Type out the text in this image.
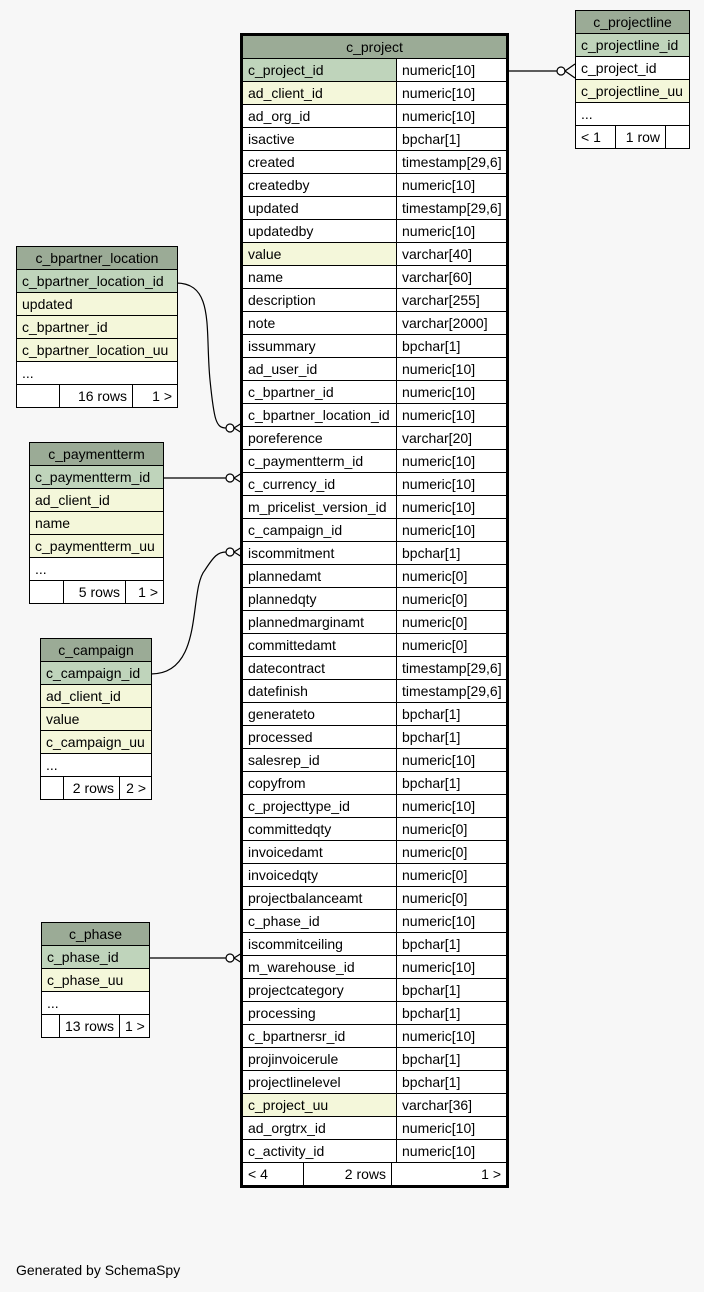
c_project	
c_project_id	numeric[10]
ad_client_id	numeric[10]
ad_org_id	numeric[10]
isactive	bpchar[1]
created	timestamp[29,6]
createdby	numeric[10]
updated	timestamp[29,6]
updatedby	numeric[10]
value	varchar[40]
name	varchar[60]
description	varchar[255]
note	varchar[2000]
issummary	bpchar[1]
ad_user_id	numeric[10]
c_bpartner_id	numeric[10]
c_bpartner_location_id	numeric[10]
poreference	varchar[20]
c_paymentterm_id	numeric[10]
c_currency_id	numeric[10]
m_pricelist_version_id	numeric[10]
c_campaign_id	numeric[10]
iscommitment	bpchar[1]
plannedamt	numeric[0]
plannedqty	numeric[0]
plannedmarginamt	numeric[0]
committedamt	numeric[0]
datecontract	timestamp[29,6]
datefinish	timestamp[29,6]
generateto	bpchar[1]
processed	bpchar[1]
salesrep_id	numeric[10]
copyfrom	bpchar[1]
c_projecttype_id	numeric[10]
committedqty	numeric[0]
invoicedamt	numeric[0]
invoicedqty	numeric[0]
projectbalanceamt	numeric[0]
c_phase_id	numeric[10]
iscommitceiling	bpchar[1]
m_warehouse_id	numeric[10]
projectcategory	bpchar[1]
processing	bpchar[1]
c_bpartnersr_id	numeric[10]
projinvoicerule	bpchar[1]
projectlinelevel	bpchar[1]
c_project_uu	varchar[36]
ad_orgtrx_id	numeric[10]
c_activity_id	numeric[10]

< 4 2 rows 1 >	
c_projectline
c_projectline_id
c_project_id
c_projectline_uu
...
< 1	1 row	
c_bpartner_location
c_bpartner_location_id
updated
c_bpartner_id
c_bpartner_location_uu
...
	16 rows	1 >
c_paymentterm
c_paymentterm_id
ad_client_id
name
c_paymentterm_uu
...
	5 rows	1 >
c_campaign
c_campaign_id
ad_client_id
value
c_campaign_uu
...
	2 rows	2 >
c_phase
c_phase_id
c_phase_uu
...
	13 rows	1 >
Generated by SchemaSpy
